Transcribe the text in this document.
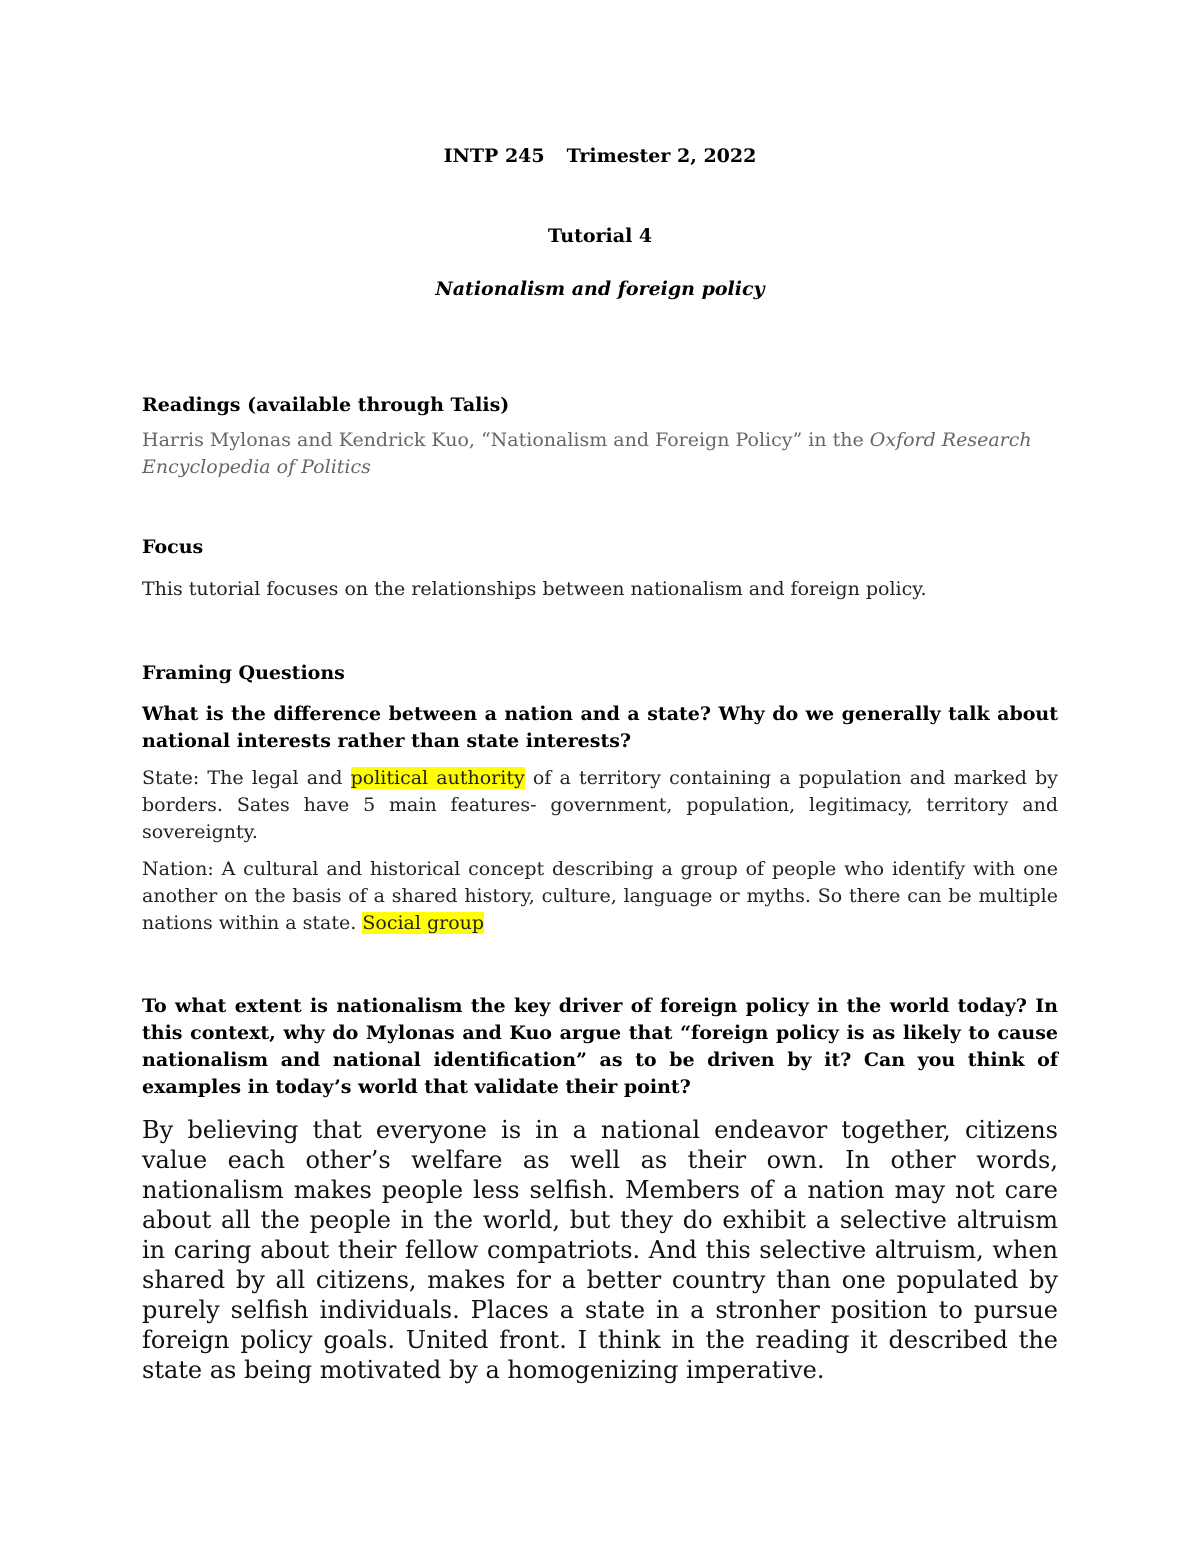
INTP 245 Trimester 2, 2022

Tutorial 4

Nationalism and foreign policy

Readings (available through Talis)

Harris Mylonas and Kendrick Kuo, “Nationalism and Foreign Policy” in the Oxford Research Encyclopedia of Politics

Focus

This tutorial focuses on the relationships between nationalism and foreign policy.

Framing Questions

What is the difference between a nation and a state? Why do we generally talk about national interests rather than state interests?

State: The legal and political authority of a territory containing a population and marked by borders. Sates have 5 main features- government, population, legitimacy, territory and sovereignty.

Nation: A cultural and historical concept describing a group of people who identify with one another on the basis of a shared history, culture, language or myths. So there can be multiple nations within a state. Social group

To what extent is nationalism the key driver of foreign policy in the world today? In this context, why do Mylonas and Kuo argue that “foreign policy is as likely to cause nationalism and national identification” as to be driven by it? Can you think of examples in today’s world that validate their point?

By believing that everyone is in a national endeavor together, citizens value each other’s welfare as well as their own. In other words, nationalism makes people less selfish. Members of a nation may not care about all the people in the world, but they do exhibit a selective altruism in caring about their fellow compatriots. And this selective altruism, when shared by all citizens, makes for a better country than one populated by purely selfish individuals. Places a state in a stronher position to pursue foreign policy goals. United front. I think in the reading it described the state as being motivated by a homogenizing imperative.
